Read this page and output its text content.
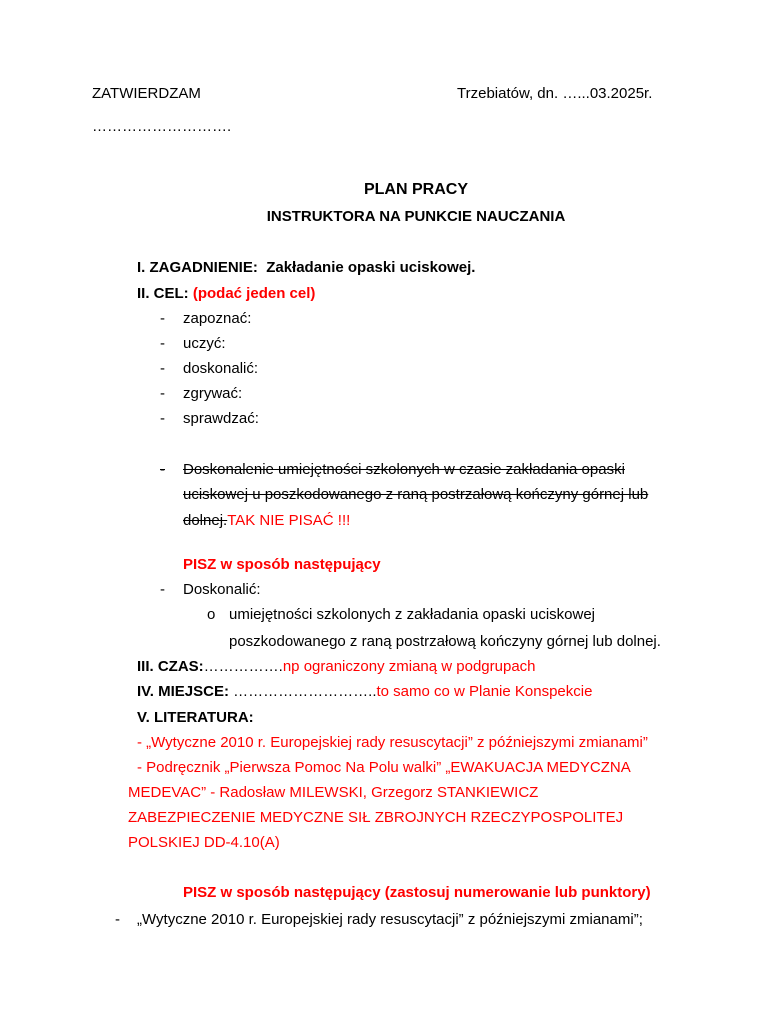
ZATWIERDZAM	Trzebiatów, dn. …...03.2025r.
……………………….
PLAN PRACY
INSTRUKTORA NA PUNKCIE NAUCZANIA
I. ZAGADNIENIE: Zakładanie opaski uciskowej.
II. CEL: (podać jeden cel)
- zapoznać:
- uczyć:
- doskonalić:
- zgrywać:
- sprawdzać:
- Doskonalenie umiejętności szkolonych w czasie zakładania opaski
uciskowej u poszkodowanego z raną postrzałową kończyny górnej lub
dolnej.TAK NIE PISAĆ !!!
PISZ w sposób następujący
- Doskonalić:
o umiejętności szkolonych z zakładania opaski uciskowej
poszkodowanego z raną postrzałową kończyny górnej lub dolnej.
III. CZAS:…………….np ograniczony zmianą w podgrupach
IV. MIEJSCE: ………………………..to samo co w Planie Konspekcie
V. LITERATURA:
- „Wytyczne 2010 r. Europejskiej rady resuscytacji” z późniejszymi zmianami”
- Podręcznik „Pierwsza Pomoc Na Polu walki” „EWAKUACJA MEDYCZNA
MEDEVAC” - Radosław MILEWSKI, Grzegorz STANKIEWICZ
ZABEZPIECZENIE MEDYCZNE SIŁ ZBROJNYCH RZECZYPOSPOLITEJ
POLSKIEJ DD-4.10(A)
PISZ w sposób następujący (zastosuj numerowanie lub punktory)
- „Wytyczne 2010 r. Europejskiej rady resuscytacji” z późniejszymi zmianami”;
